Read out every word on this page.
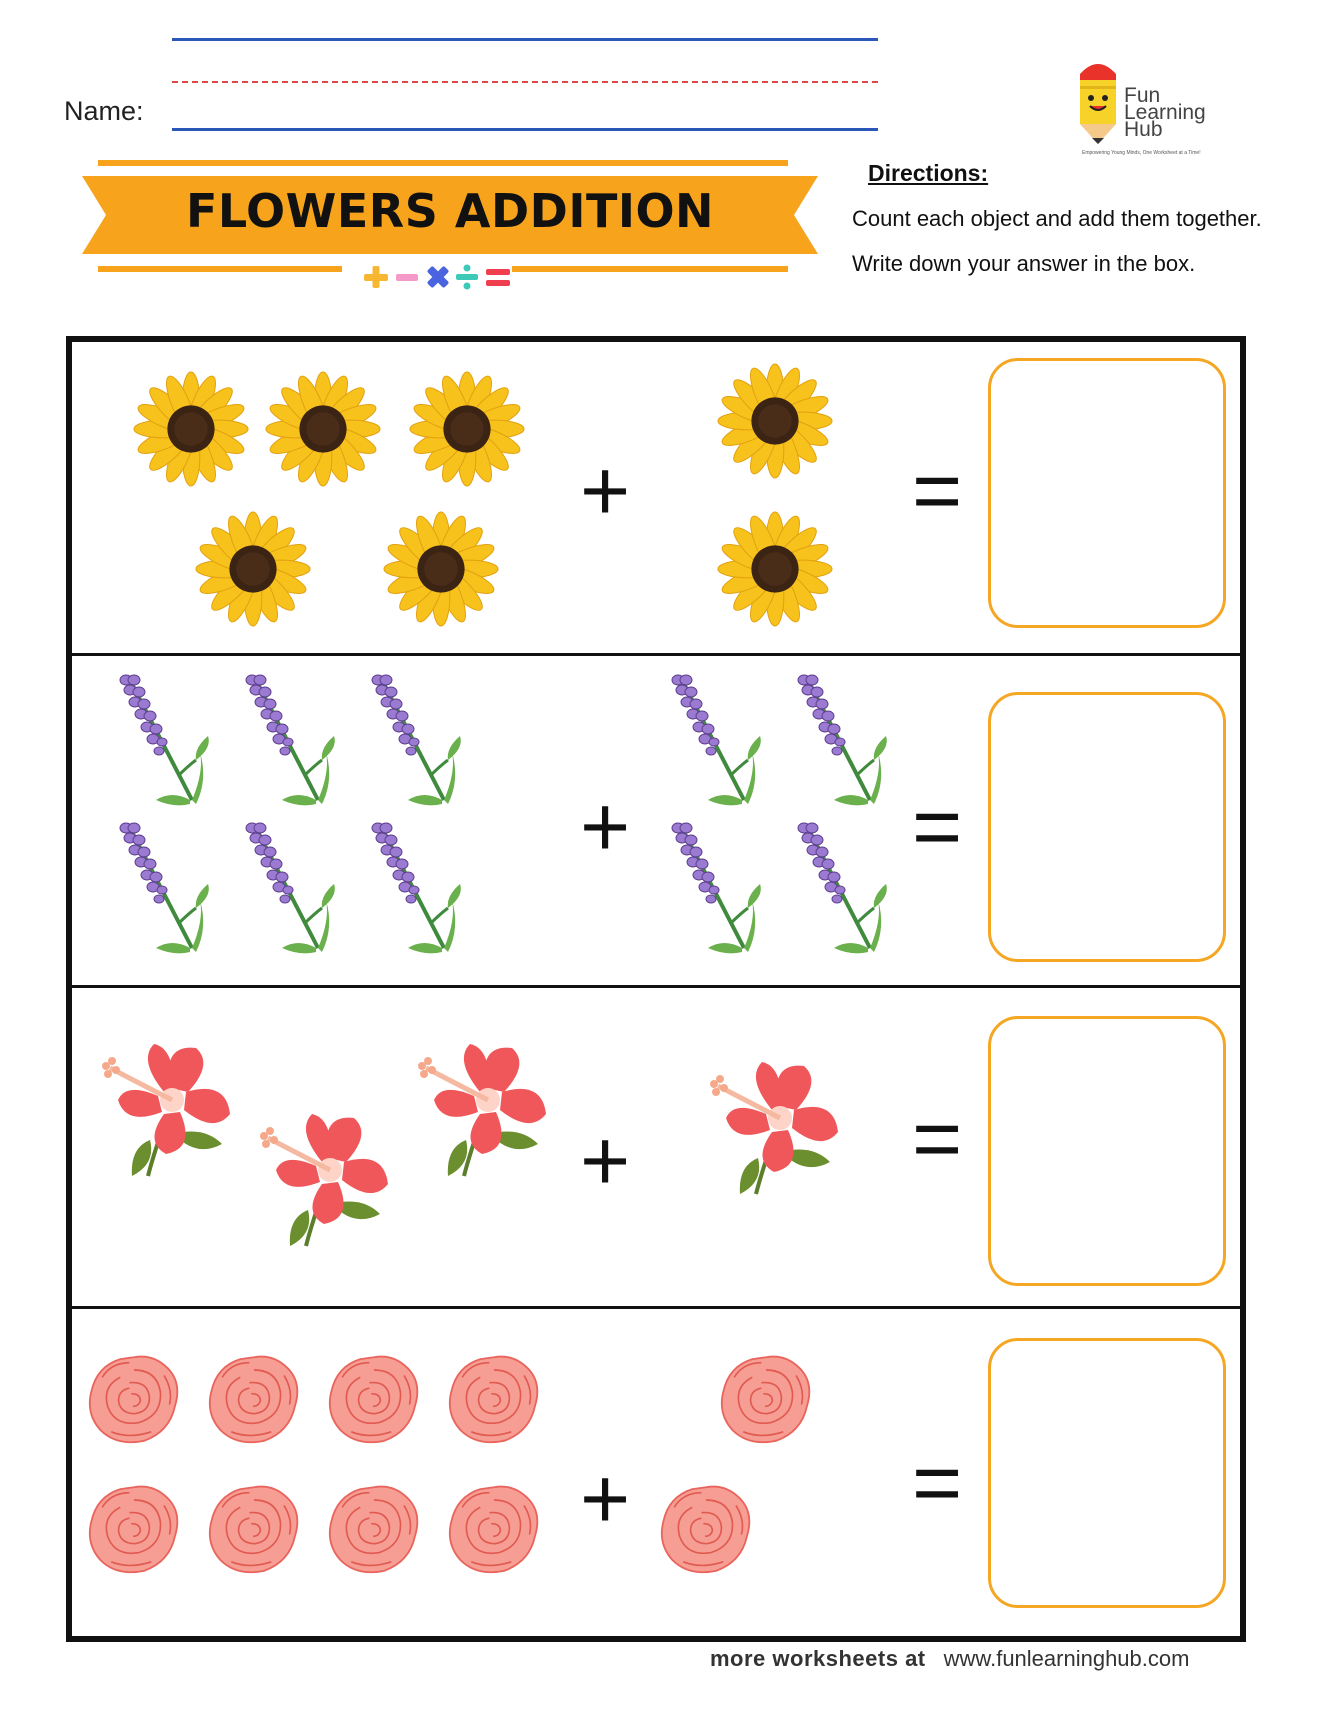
Name:
Fun
Learning
Hub
Empowering Young Minds, One Worksheet at a Time!
FLOWERS ADDITION
Directions:
Count each object and add them together. Write down your answer in the box.
+	=
+	=
+	=
+	=
more worksheets at www.funlearninghub.com
